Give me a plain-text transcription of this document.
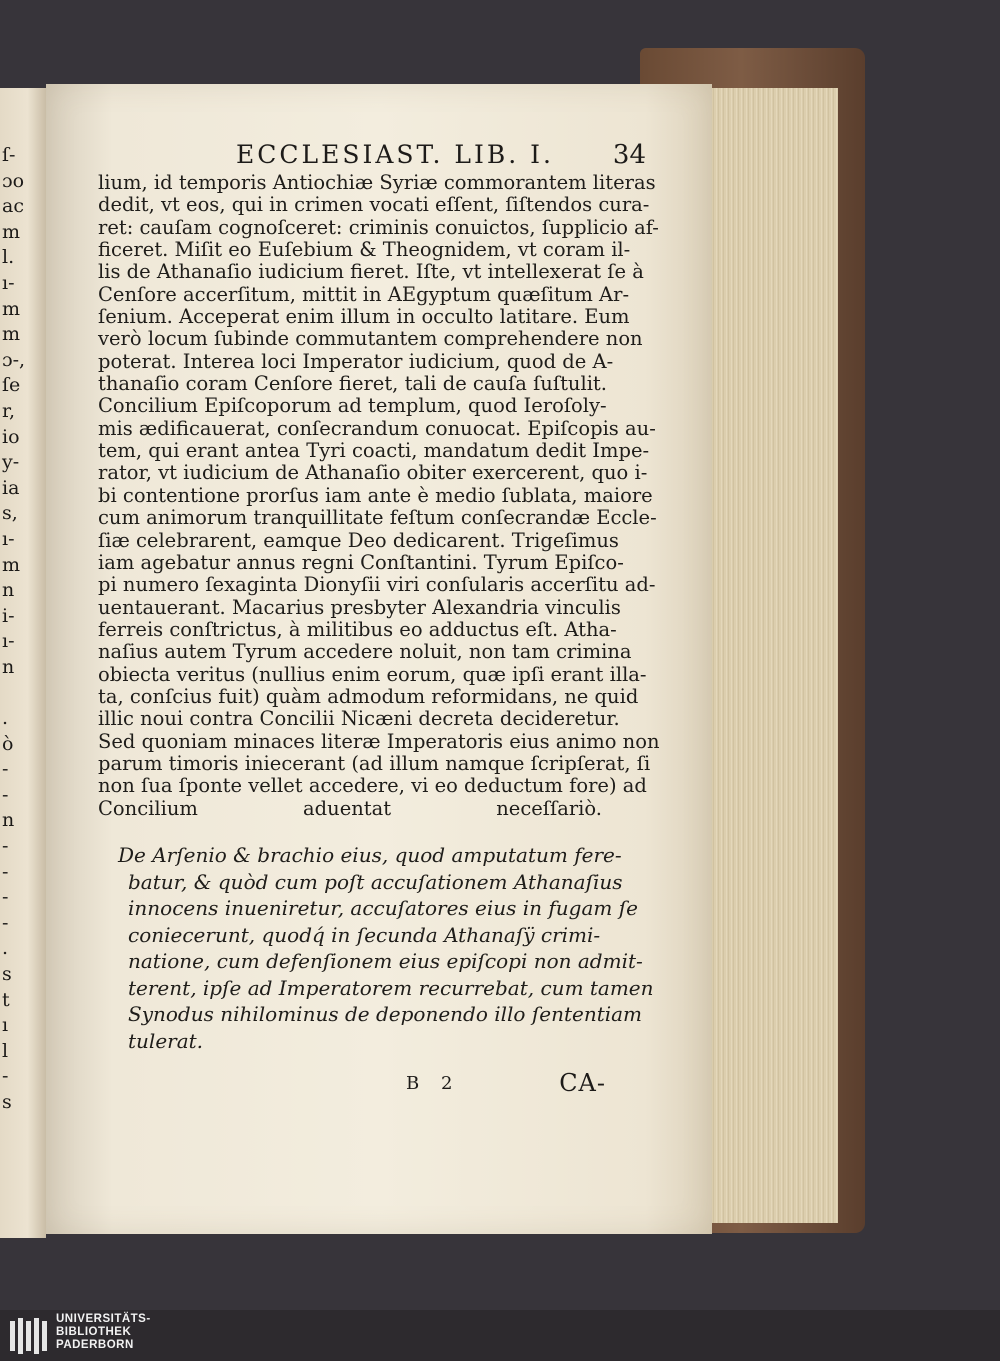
ſ-
ɔo
ac
m
l.
ı-
m
m
ɔ-,
ſe
r,
io
y-
ia
s,
ı-
m
n
i-
ı-
n
.
ò
-
-
n
-
-
-
-
.
s
t
ı
l
-
s
ECCLESIAST. LIB. I. 34
lium, id temporis Antiochiæ Syriæ commorantem literas
dedit, vt eos, qui in crimen vocati eſſent, ſiſtendos cura-
ret: cauſam cognoſceret: criminis conuictos, ſupplicio af-
ficeret. Miſit eo Euſebium & Theognidem, vt coram il-
lis de Athanaſio iudicium fieret. Iſte, vt intellexerat ſe à
Cenſore accerſitum, mittit in AEgyptum quæſitum Ar-
ſenium. Acceperat enim illum in occulto latitare. Eum
verò locum ſubinde commutantem comprehendere non
poterat. Interea loci Imperator iudicium, quod de A-
thanaſio coram Cenſore fieret, tali de cauſa ſuſtulit.
Concilium Epiſcoporum ad templum, quod Ieroſoly-
mis ædificauerat, conſecrandum conuocat. Epiſcopis au-
tem, qui erant antea Tyri coacti, mandatum dedit Impe-
rator, vt iudicium de Athanaſio obiter exercerent, quo i-
bi contentione prorſus iam ante è medio ſublata, maiore
cum animorum tranquillitate feſtum conſecrandæ Eccle-
ſiæ celebrarent, eamque Deo dedicarent. Trigeſimus
iam agebatur annus regni Conſtantini. Tyrum Epiſco-
pi numero ſexaginta Dionyſii viri conſularis accerſitu ad-
uentauerant. Macarius presbyter Alexandria vinculis
ferreis conſtrictus, à militibus eo adductus eſt. Atha-
naſius autem Tyrum accedere noluit, non tam crimina
obiecta veritus (nullius enim eorum, quæ ipſi erant illa-
ta, conſcius fuit) quàm admodum reformidans, ne quid
illic noui contra Concilii Nicæni decreta decideretur.
Sed quoniam minaces literæ Imperatoris eius animo non
parum timoris iniecerant (ad illum namque ſcripſerat, ſi
non ſua ſponte vellet accedere, vi eo deductum fore) ad
Concilium aduentat neceſſariò.
De Arſenio & brachio eius, quod amputatum fere-
batur, & quòd cum poſt accuſationem Athanaſius
innocens inueniretur, accuſatores eius in fugam ſe
coniecerunt, quodq́ in ſecunda Athanaſÿ crimi-
natione, cum defenſionem eius epiſcopi non admit-
terent, ipſe ad Imperatorem recurrebat, cum tamen
Synodus nihilominus de deponendo illo ſententiam
tulerat.
B 2	CA-
UNIVERSITÄTS-
BIBLIOTHEK
PADERBORN
